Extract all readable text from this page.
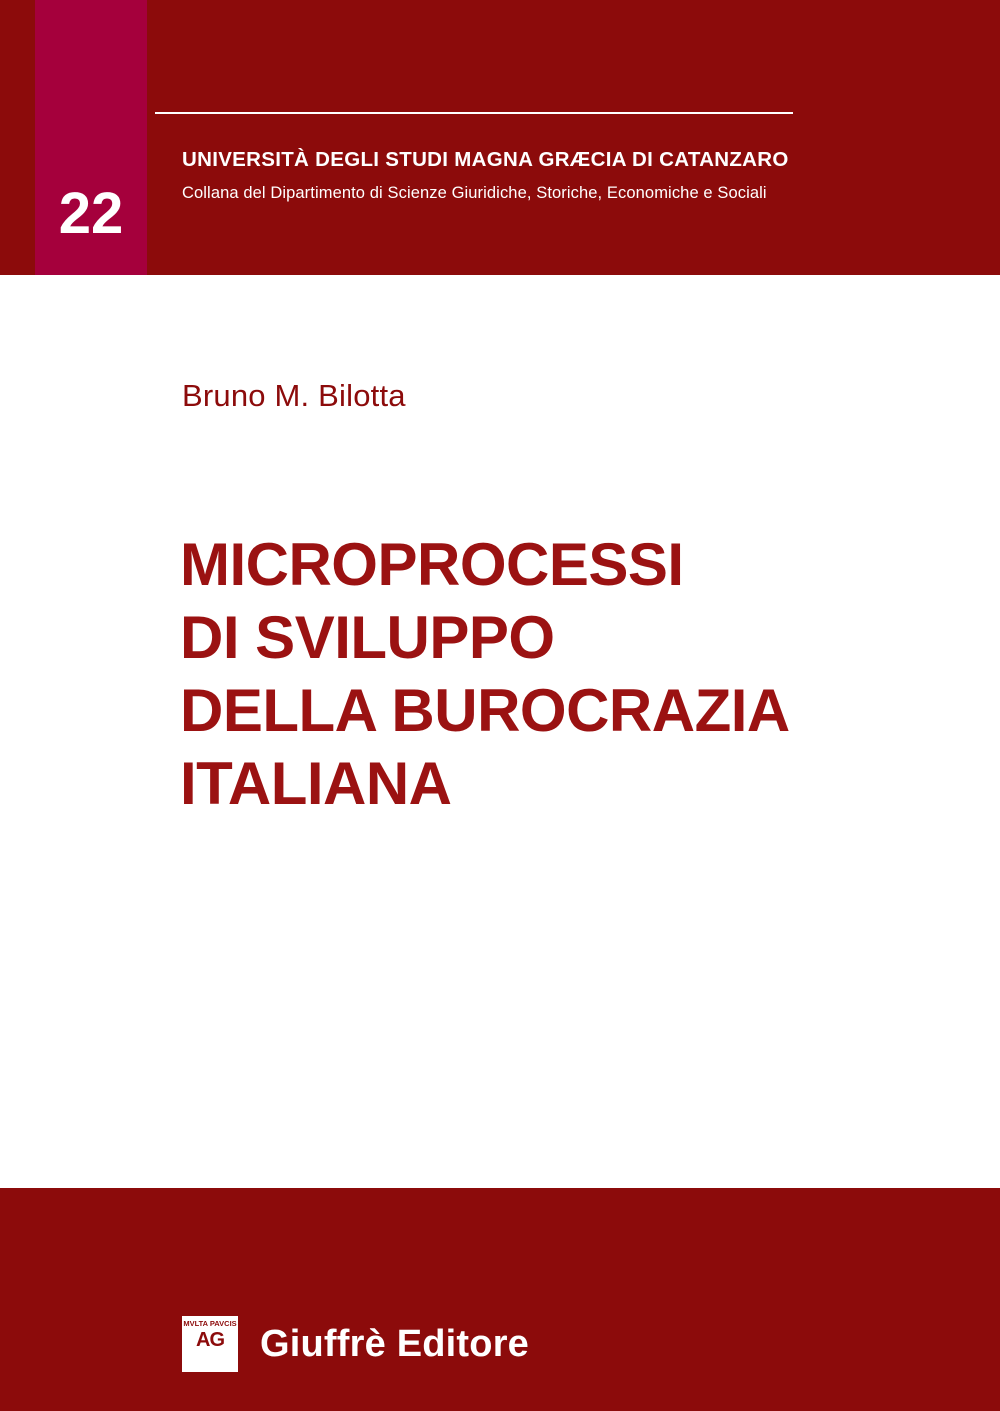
22
UNIVERSITÀ DEGLI STUDI MAGNA GRÆCIA DI CATANZARO
Collana del Dipartimento di Scienze Giuridiche, Storiche, Economiche e Sociali
Bruno M. Bilotta
MICROPROCESSI
DI SVILUPPO
DELLA BUROCRAZIA
ITALIANA
MVLTA PAVCIS
AG Giuffrè Editore
